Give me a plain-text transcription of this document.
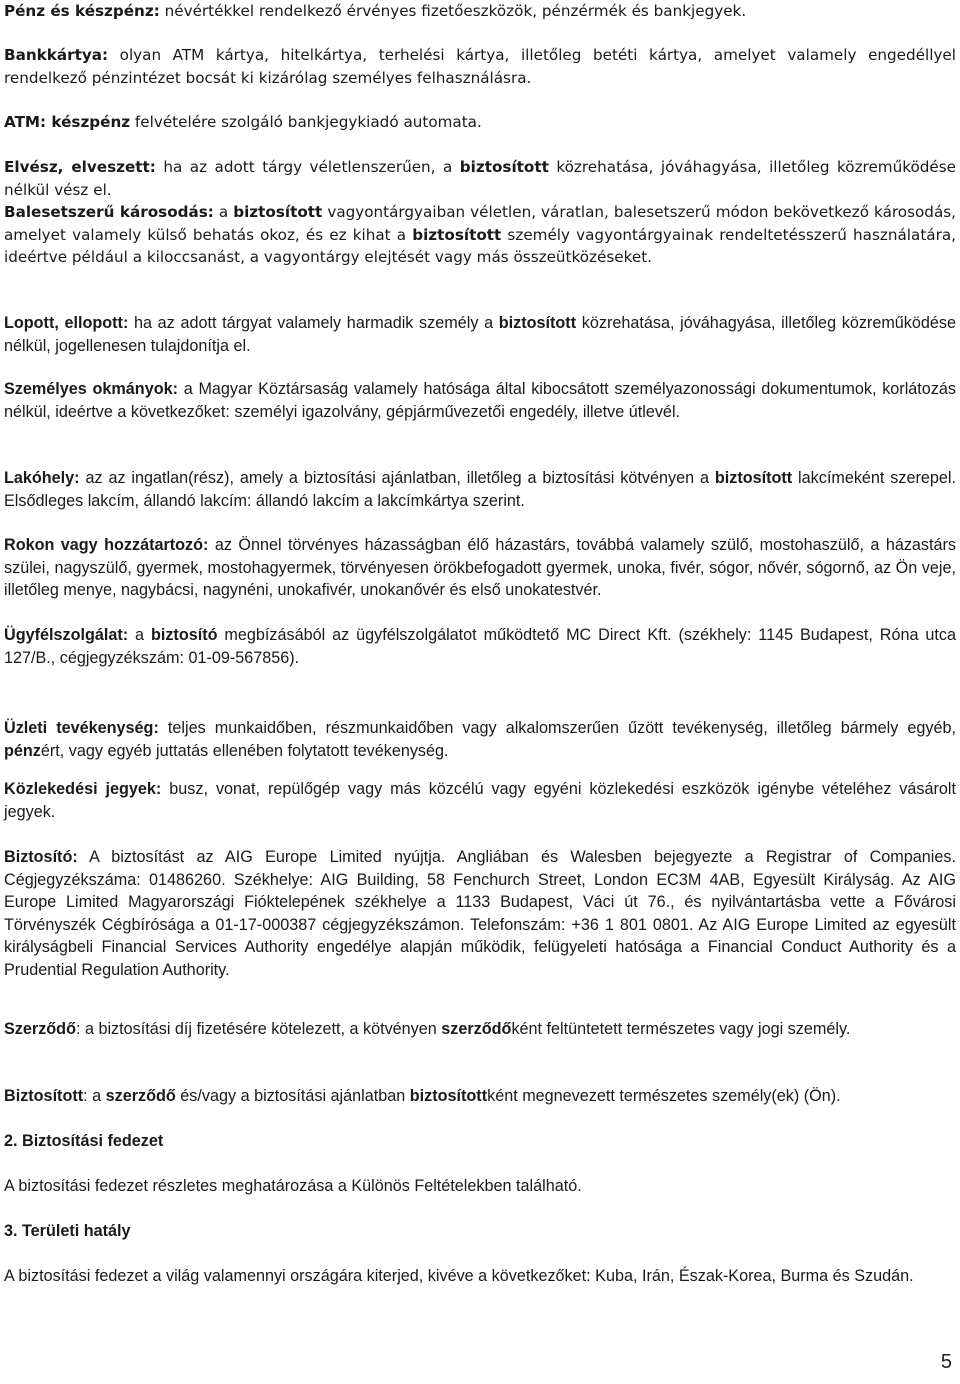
Pénz és készpénz: névértékkel rendelkező érvényes fizetőeszközök, pénzérmék és bankjegyek.

Bankkártya: olyan ATM kártya, hitelkártya, terhelési kártya, illetőleg betéti kártya, amelyet valamely engedéllyel rendelkező pénzintézet bocsát ki kizárólag személyes felhasználásra.

ATM: készpénz felvételére szolgáló bankjegykiadó automata.

Elvész, elveszett: ha az adott tárgy véletlenszerűen, a biztosított közrehatása, jóváhagyása, illetőleg közreműködése nélkül vész el.

Balesetszerű károsodás: a biztosított vagyontárgyaiban véletlen, váratlan, balesetszerű módon bekövetkező károsodás, amelyet valamely külső behatás okoz, és ez kihat a biztosított személy vagyontárgyainak rendeltetésszerű használatára, ideértve például a kiloccsanást, a vagyontárgy elejtését vagy más összeütközéseket.

Lopott, ellopott: ha az adott tárgyat valamely harmadik személy a biztosított közrehatása, jóváhagyása, illetőleg közreműködése nélkül, jogellenesen tulajdonítja el.

Személyes okmányok: a Magyar Köztársaság valamely hatósága által kibocsátott személyazonossági dokumentumok, korlátozás nélkül, ideértve a következőket: személyi igazolvány, gépjárművezetői engedély, illetve útlevél.

Lakóhely: az az ingatlan(rész), amely a biztosítási ajánlatban, illetőleg a biztosítási kötvényen a biztosított lakcímeként szerepel. Elsődleges lakcím, állandó lakcím: állandó lakcím a lakcímkártya szerint.

Rokon vagy hozzátartozó: az Önnel törvényes házasságban élő házastárs, továbbá valamely szülő, mostohaszülő, a házastárs szülei, nagyszülő, gyermek, mostohagyermek, törvényesen örökbefogadott gyermek, unoka, fivér, sógor, nővér, sógornő, az Ön veje, illetőleg menye, nagybácsi, nagynéni, unokafivér, unokanővér és első unokatestvér.

Ügyfélszolgálat: a biztosító megbízásából az ügyfélszolgálatot működtető MC Direct Kft. (székhely: 1145 Budapest, Róna utca 127/B., cégjegyzékszám: 01-09-567856).

Üzleti tevékenység: teljes munkaidőben, részmunkaidőben vagy alkalomszerűen űzött tevékenység, illetőleg bármely egyéb, pénzért, vagy egyéb juttatás ellenében folytatott tevékenység.

Közlekedési jegyek: busz, vonat, repülőgép vagy más közcélú vagy egyéni közlekedési eszközök igénybe vételéhez vásárolt jegyek.

Biztosító: A biztosítást az AIG Europe Limited nyújtja. Angliában és Walesben bejegyezte a Registrar of Companies. Cégjegyzékszáma: 01486260. Székhelye: AIG Building, 58 Fenchurch Street, London EC3M 4AB, Egyesült Királyság. Az AIG Europe Limited Magyarországi Fióktelepének székhelye a 1133 Budapest, Váci út 76., és nyilvántartásba vette a Fővárosi Törvényszék Cégbírósága a 01-17-000387 cégjegyzékszámon. Telefonszám: +36 1 801 0801. Az AIG Europe Limited az egyesült királyságbeli Financial Services Authority engedélye alapján működik, felügyeleti hatósága a Financial Conduct Authority és a Prudential Regulation Authority.

Szerződő: a biztosítási díj fizetésére kötelezett, a kötvényen szerződőként feltüntetett természetes vagy jogi személy.

Biztosított: a szerződő és/vagy a biztosítási ajánlatban biztosítottként megnevezett természetes személy(ek) (Ön).

2. Biztosítási fedezet

A biztosítási fedezet részletes meghatározása a Különös Feltételekben található.

3. Területi hatály

A biztosítási fedezet a világ valamennyi országára kiterjed, kivéve a következőket: Kuba, Irán, Észak-Korea, Burma és Szudán.

5
